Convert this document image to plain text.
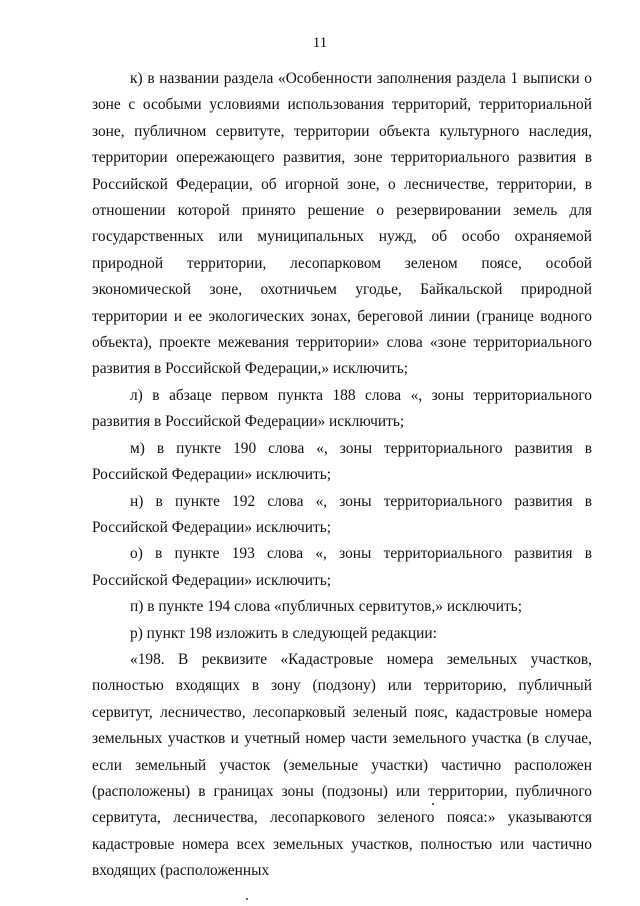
11

к) в названии раздела «Особенности заполнения раздела 1 выписки о зоне с особыми условиями использования территорий, территориальной зоне, публичном сервитуте, территории объекта культурного наследия, территории опережающего развития, зоне территориального развития в Российской Федерации, об игорной зоне, о лесничестве, территории, в отношении которой принято решение о резервировании земель для государственных или муниципальных нужд, об особо охраняемой природной территории, лесопарковом зеленом поясе, особой экономической зоне, охотничьем угодье, Байкальской природной территории и ее экологических зонах, береговой линии (границе водного объекта), проекте межевания территории» слова «зоне территориального развития в Российской Федерации,» исключить;

л) в абзаце первом пункта 188 слова «, зоны территориального развития в Российской Федерации» исключить;

м) в пункте 190 слова «, зоны территориального развития в Российской Федерации» исключить;

н) в пункте 192 слова «, зоны территориального развития в Российской Федерации» исключить;

о) в пункте 193 слова «, зоны территориального развития в Российской Федерации» исключить;

п) в пункте 194 слова «публичных сервитутов,» исключить;

р) пункт 198 изложить в следующей редакции:

«198. В реквизите «Кадастровые номера земельных участков, полностью входящих в зону (подзону) или территорию, публичный сервитут, лесничество, лесопарковый зеленый пояс, кадастровые номера земельных участков и учетный номер части земельного участка (в случае, если земельный участок (земельные участки) частично расположен (расположены) в границах зоны (подзоны) или территории, публичного сервитута, лесничества, лесопаркового зеленого пояса:» указываются кадастровые номера всех земельных участков, полностью или частично входящих (расположенных
